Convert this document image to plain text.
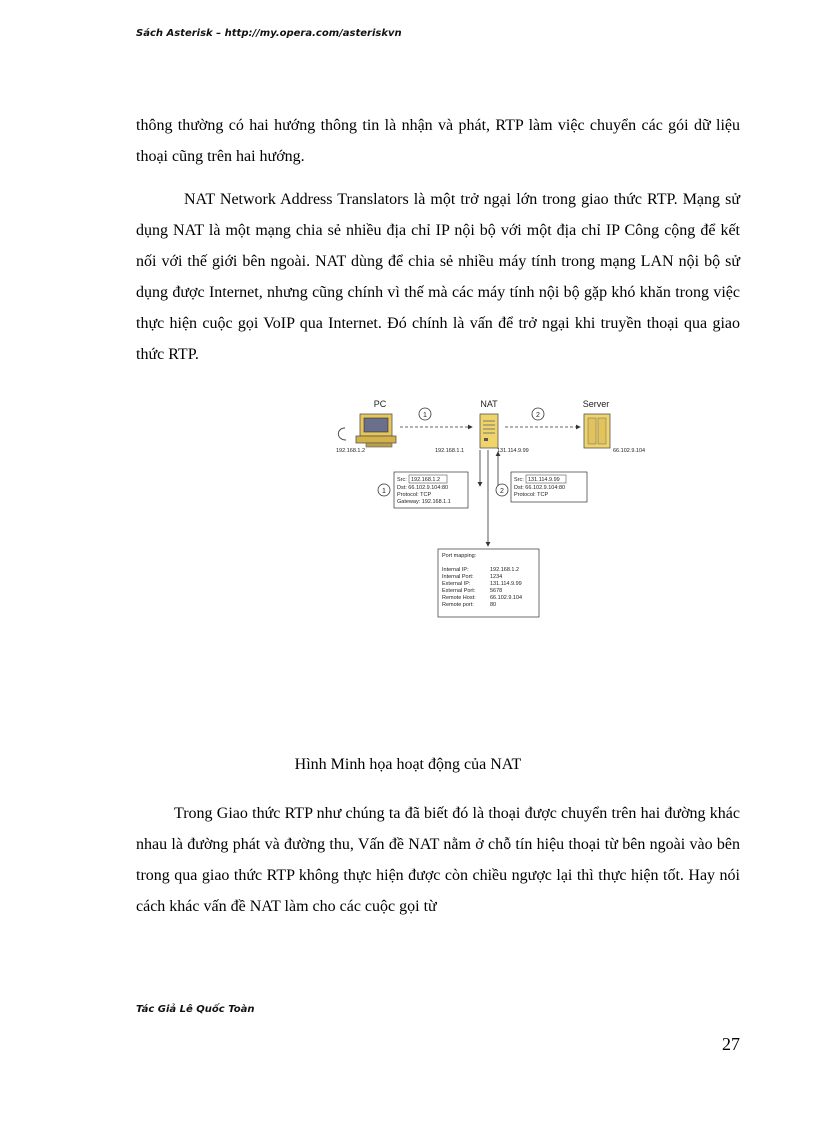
Sách Asterisk – http://my.opera.com/asteriskvn

thông thường có hai hướng thông tin là nhận và phát, RTP làm việc chuyển các gói dữ liệu thoại cũng trên hai hướng.

NAT Network Address Translators là một trở ngại lớn trong giao thức RTP. Mạng sử dụng NAT là một mạng chia sẻ nhiều địa chỉ IP nội bộ với một địa chỉ IP Công cộng để kết nối với thế giới bên ngoài. NAT dùng để chia sẻ nhiều máy tính trong mạng LAN nội bộ sử dụng được Internet, nhưng cũng chính vì thế mà các máy tính nội bộ gặp khó khăn trong việc thực hiện cuộc gọi VoIP qua Internet. Đó chính là vấn để trở ngại khi truyền thoại qua giao thức RTP.

PC	NAT	Server
1	2
192.168.1.2	192.168.1.1	131.114.9.99	66.102.9.104
1
Src: 192.168.1.2
Dst: 66.102.9.104:80
Protocol: TCP
Gateway: 192.168.1.1
2
Src: 131.114.9.99
Dst: 66.102.9.104:80
Protocol: TCP
Port mapping:
Internal IP:	192.168.1.2
Internal Port:	1234
External IP:	131.114.9.99
External Port:	5678
Remote Host:	66.102.9.104
Remote port:	80

Hình Minh họa hoạt động của NAT

Trong Giao thức RTP như chúng ta đã biết đó là thoại được chuyển trên hai đường khác nhau là đường phát và đường thu, Vấn đề NAT nằm ở chỗ tín hiệu thoại từ bên ngoài vào bên trong qua giao thức RTP không thực hiện được còn chiều ngược lại thì thực hiện tốt. Hay nói cách khác vấn đề NAT làm cho các cuộc gọi từ

Tác Giả Lê Quốc Toàn
27
